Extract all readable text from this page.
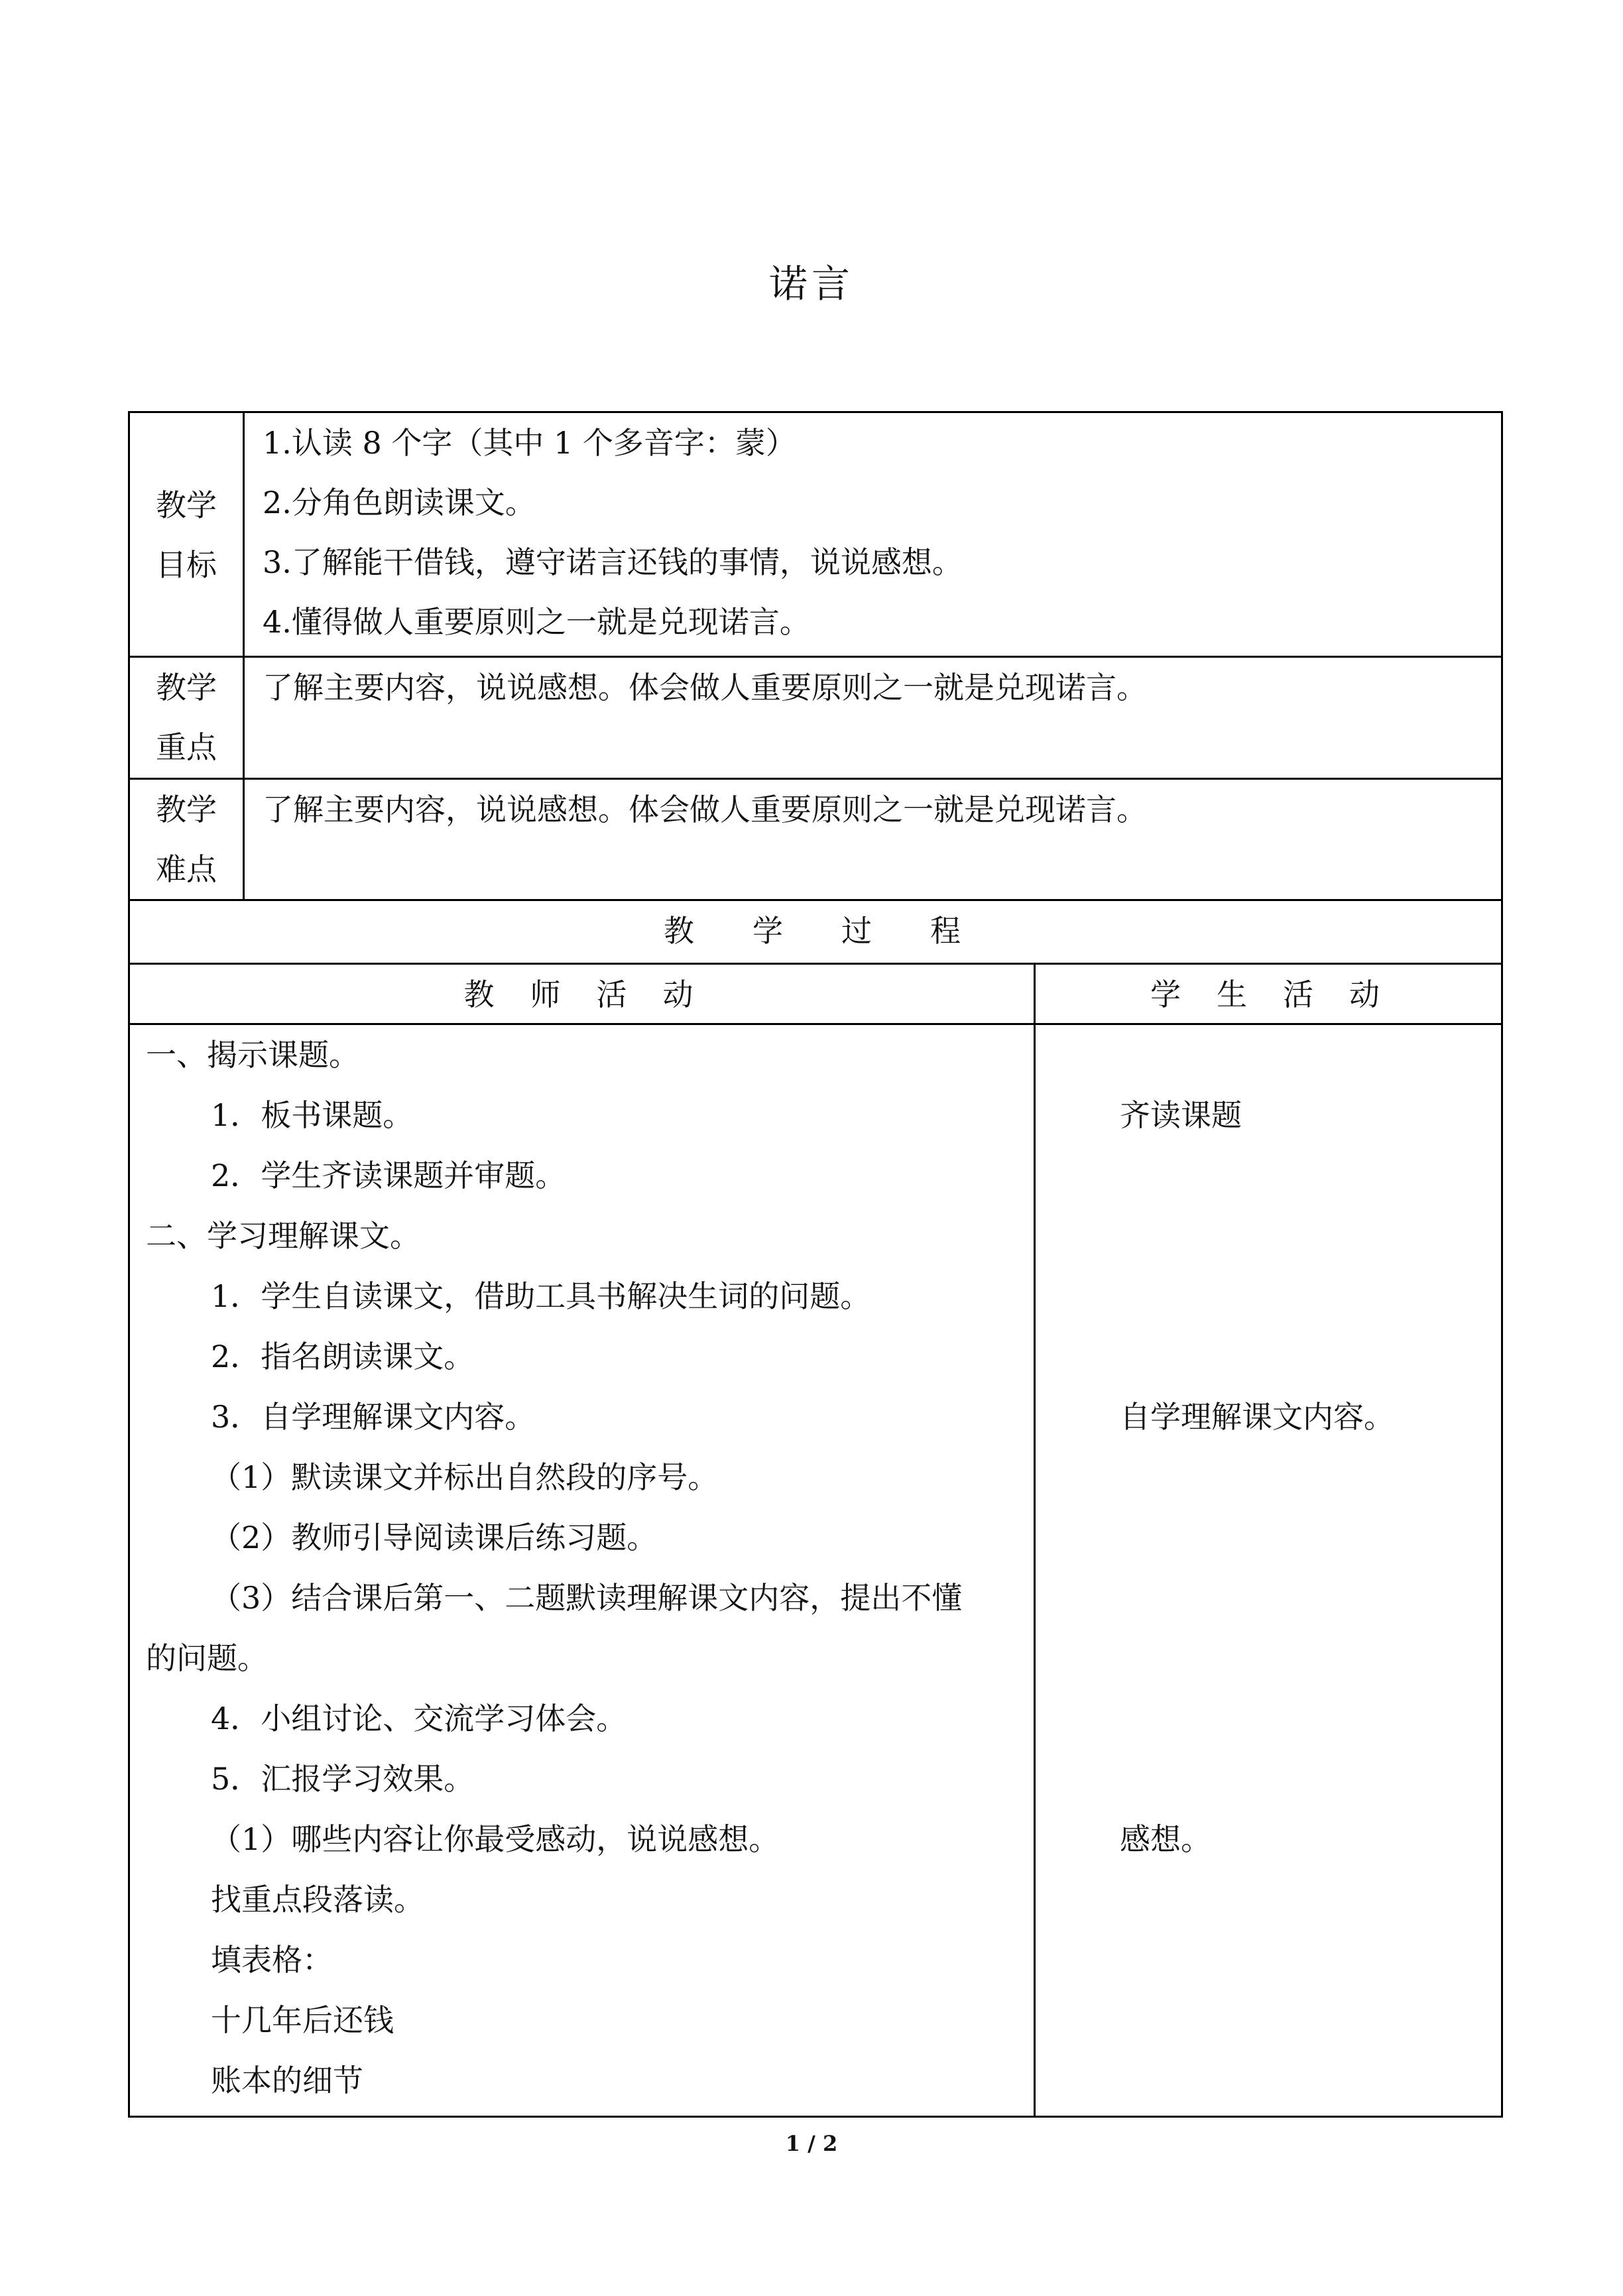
诺言
教学
目标
1.认读 8 个字（其中 1 个多音字：蒙）
2.分角色朗读课文。
3.了解能干借钱，遵守诺言还钱的事情，说说感想。
4.懂得做人重要原则之一就是兑现诺言。
教学
重点
了解主要内容，说说感想。体会做人重要原则之一就是兑现诺言。
教学
难点
了解主要内容，说说感想。体会做人重要原则之一就是兑现诺言。
教 学 过 程
教 师 活 动	学 生 活 动
一、揭示课题。
1．板书课题。
2．学生齐读课题并审题。
二、学习理解课文。
1．学生自读课文，借助工具书解决生词的问题。
2．指名朗读课文。
3．自学理解课文内容。
（1）默读课文并标出自然段的序号。
（2）教师引导阅读课后练习题。
（3）结合课后第一、二题默读理解课文内容，提出不懂
的问题。
4．小组讨论、交流学习体会。
5．汇报学习效果。
（1）哪些内容让你最受感动，说说感想。
找重点段落读。
填表格：
十几年后还钱
账本的细节
齐读课题
自学理解课文内容。
感想。
1 / 2
